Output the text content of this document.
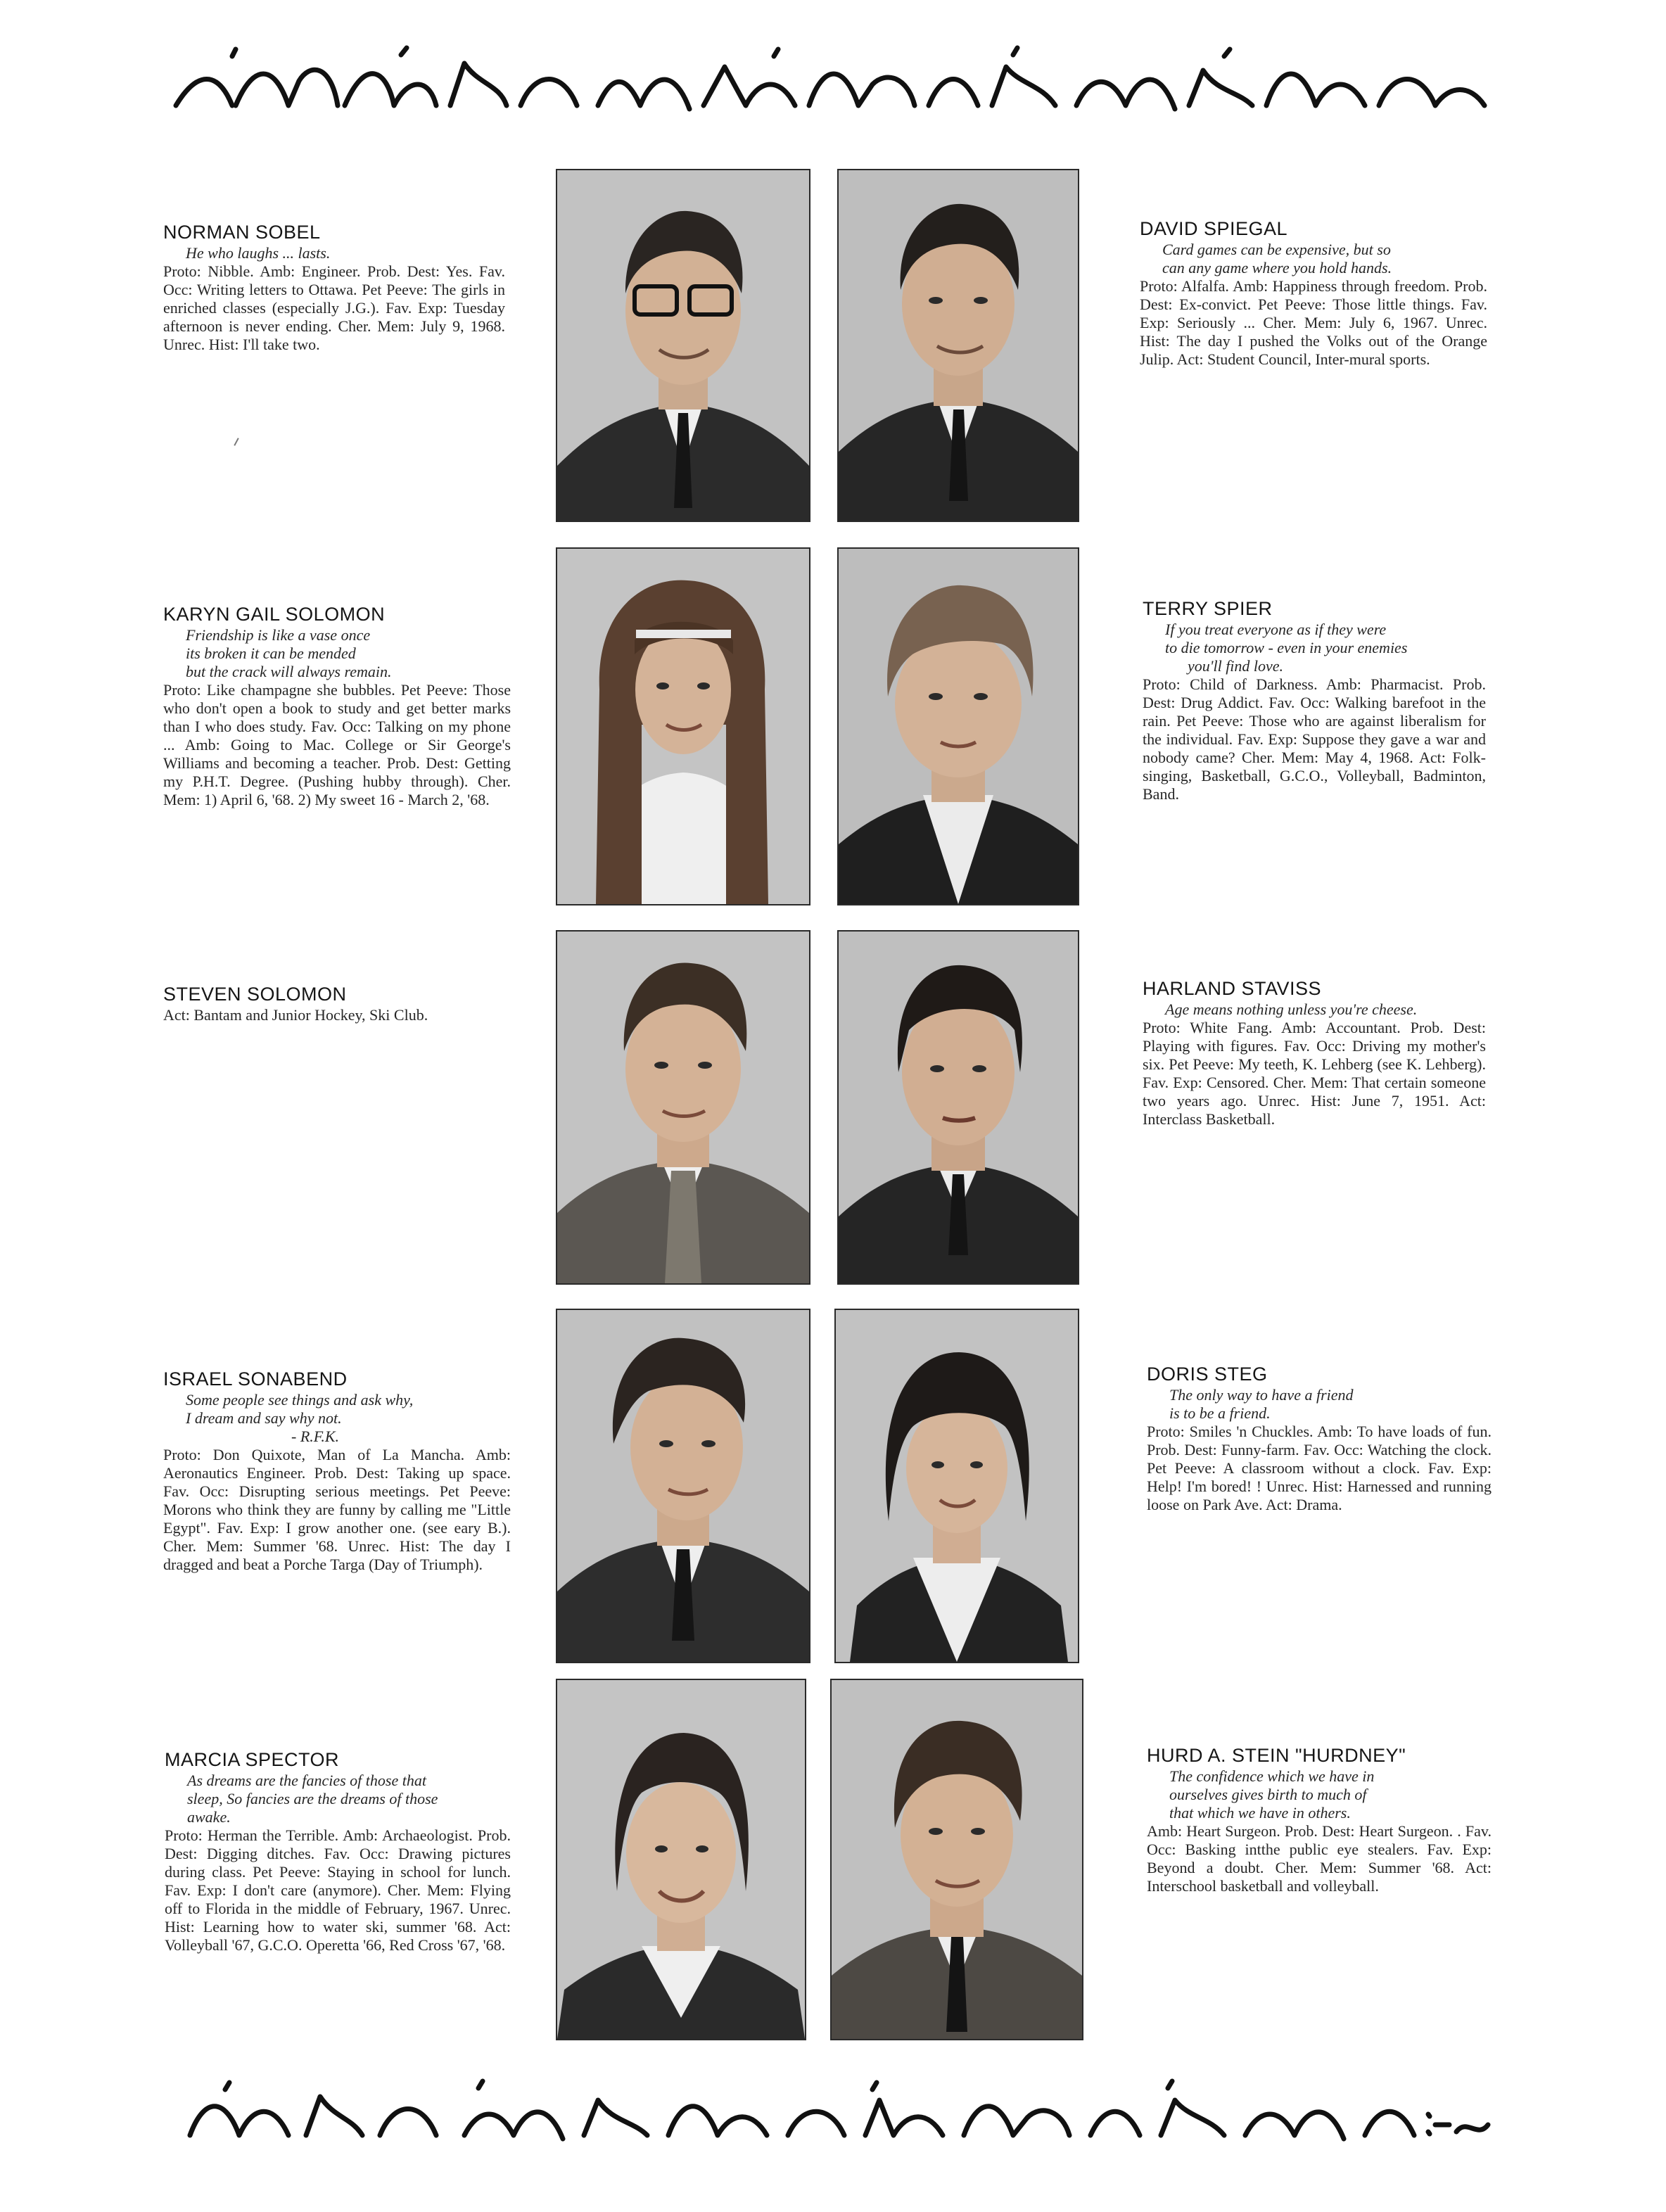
NORMAN SOBEL
He who laughs ... lasts.

Proto: Nibble. Amb: Engineer. Prob. Dest: Yes. Fav. Occ: Writing letters to Ottawa. Pet Peeve: The girls in enriched classes (especially J.G.). Fav. Exp: Tuesday afternoon is never ending. Cher. Mem: July 9, 1968. Unrec. Hist: I'll take two.

DAVID SPIEGAL
Card games can be expensive, but so
can any game where you hold hands.

Proto: Alfalfa. Amb: Happiness through freedom. Prob. Dest: Ex-convict. Pet Peeve: Those little things. Fav. Exp: Seriously ... Cher. Mem: July 6, 1967. Unrec. Hist: The day I pushed the Volks out of the Orange Julip. Act: Student Council, Inter-mural sports.

KARYN GAIL SOLOMON
Friendship is like a vase once
its broken it can be mended
but the crack will always remain.

Proto: Like champagne she bubbles. Pet Peeve: Those who don't open a book to study and get better marks than I who does study. Fav. Occ: Talking on my phone ... Amb: Going to Mac. College or Sir George's Williams and becoming a teacher. Prob. Dest: Getting my P.H.T. Degree. (Pushing hubby through). Cher. Mem: 1) April 6, '68. 2) My sweet 16 - March 2, '68.

TERRY SPIER
If you treat everyone as if they were
to die tomorrow - even in your enemies
you'll find love.

Proto: Child of Darkness. Amb: Pharmacist. Prob. Dest: Drug Addict. Fav. Occ: Walking barefoot in the rain. Pet Peeve: Those who are against liberalism for the individual. Fav. Exp: Suppose they gave a war and nobody came? Cher. Mem: May 4, 1968. Act: Folk-singing, Basketball, G.C.O., Volleyball, Badminton, Band.

STEVEN SOLOMON

Act: Bantam and Junior Hockey, Ski Club.

HARLAND STAVISS
Age means nothing unless you're cheese.

Proto: White Fang. Amb: Accountant. Prob. Dest: Playing with figures. Fav. Occ: Driving my mother's six. Pet Peeve: My teeth, K. Lehberg (see K. Lehberg). Fav. Exp: Censored. Cher. Mem: That certain someone two years ago. Unrec. Hist: June 7, 1951. Act: Interclass Basketball.

ISRAEL SONABEND
Some people see things and ask why,
I dream and say why not.
- R.F.K.

Proto: Don Quixote, Man of La Mancha. Amb: Aeronautics Engineer. Prob. Dest: Taking up space. Fav. Occ: Disrupting serious meetings. Pet Peeve: Morons who think they are funny by calling me "Little Egypt". Fav. Exp: I grow another one. (see eary B.). Cher. Mem: Summer '68. Unrec. Hist: The day I dragged and beat a Porche Targa (Day of Triumph).

DORIS STEG
The only way to have a friend
is to be a friend.

Proto: Smiles 'n Chuckles. Amb: To have loads of fun. Prob. Dest: Funny-farm. Fav. Occ: Watching the clock. Pet Peeve: A classroom without a clock. Fav. Exp: Help! I'm bored! ! Unrec. Hist: Harnessed and running loose on Park Ave. Act: Drama.

MARCIA SPECTOR
As dreams are the fancies of those that
sleep, So fancies are the dreams of those
awake.

Proto: Herman the Terrible. Amb: Archaeologist. Prob. Dest: Digging ditches. Fav. Occ: Drawing pictures during class. Pet Peeve: Staying in school for lunch. Fav. Exp: I don't care (anymore). Cher. Mem: Flying off to Florida in the middle of February, 1967. Unrec. Hist: Learning how to water ski, summer '68. Act: Volleyball '67, G.C.O. Operetta '66, Red Cross '67, '68.

HURD A. STEIN "HURDNEY"
The confidence which we have in
ourselves gives birth to much of
that which we have in others.

Amb: Heart Surgeon. Prob. Dest: Heart Surgeon. . Fav. Occ: Basking intthe public eye stealers. Fav. Exp: Beyond a doubt. Cher. Mem: Summer '68. Act: Interschool basketball and volleyball.
